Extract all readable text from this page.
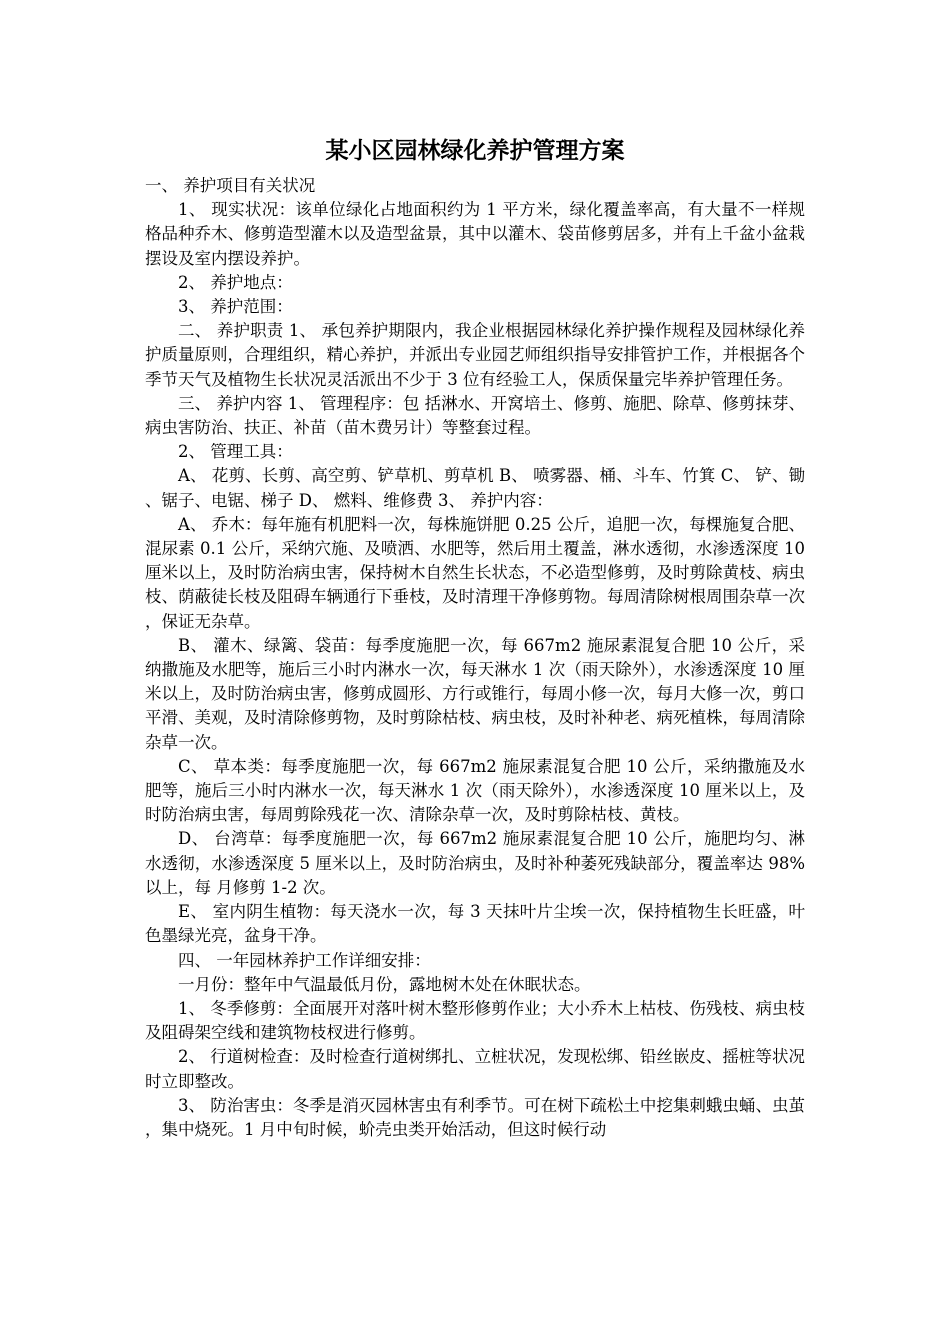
某小区园林绿化养护管理方案

一、 养护项目有关状况

1、 现实状况：该单位绿化占地面积约为 1 平方米，绿化覆盖率高，有大量不一样规格品种乔木、修剪造型灌木以及造型盆景，其中以灌木、袋苗修剪居多，并有上千盆小盆栽摆设及室内摆设养护。

2、 养护地点：

3、 养护范围：

二、 养护职责 1、 承包养护期限内，我企业根据园林绿化养护操作规程及园林绿化养护质量原则，合理组织，精心养护，并派出专业园艺师组织指导安排管护工作，并根据各个季节天气及植物生长状况灵活派出不少于 3 位有经验工人，保质保量完毕养护管理任务。

三、 养护内容 1、 管理程序：包 括淋水、开窝培土、修剪、施肥、除草、修剪抹芽、病虫害防治、扶正、补苗（苗木费另计）等整套过程。

2、 管理工具：

A、 花剪、长剪、高空剪、铲草机、剪草机 B、 喷雾器、桶、斗车、竹箕 C、 铲、锄、锯子、电锯、梯子 D、 燃料、维修费 3、 养护内容：

A、 乔木：每年施有机肥料一次，每株施饼肥 0.25 公斤，追肥一次，每棵施复合肥、混尿素 0.1 公斤，采纳穴施、及喷洒、水肥等，然后用土覆盖，淋水透彻，水渗透深度 10 厘米以上，及时防治病虫害，保持树木自然生长状态，不必造型修剪，及时剪除黄枝、病虫枝、荫蔽徒长枝及阻碍车辆通行下垂枝，及时清理干净修剪物。每周清除树根周围杂草一次，保证无杂草。

B、 灌木、绿篱、袋苗：每季度施肥一次，每 667m2 施尿素混复合肥 10 公斤，采纳撒施及水肥等，施后三小时内淋水一次，每天淋水 1 次（雨天除外），水渗透深度 10 厘米以上，及时防治病虫害，修剪成圆形、方行或锥行，每周小修一次，每月大修一次，剪口平滑、美观，及时清除修剪物，及时剪除枯枝、病虫枝，及时补种老、病死植株，每周清除杂草一次。

C、 草本类：每季度施肥一次，每 667m2 施尿素混复合肥 10 公斤，采纳撒施及水肥等，施后三小时内淋水一次，每天淋水 1 次（雨天除外），水渗透深度 10 厘米以上，及时防治病虫害，每周剪除残花一次、清除杂草一次，及时剪除枯枝、黄枝。

D、 台湾草：每季度施肥一次，每 667m2 施尿素混复合肥 10 公斤，施肥均匀、淋水透彻，水渗透深度 5 厘米以上，及时防治病虫，及时补种萎死残缺部分，覆盖率达 98%以上，每 月修剪 1-2 次。

E、 室内阴生植物：每天浇水一次，每 3 天抹叶片尘埃一次，保持植物生长旺盛，叶色墨绿光亮，盆身干净。

四、 一年园林养护工作详细安排：

一月份：整年中气温最低月份，露地树木处在休眠状态。

1、 冬季修剪：全面展开对落叶树木整形修剪作业；大小乔木上枯枝、伤残枝、病虫枝及阻碍架空线和建筑物枝杈进行修剪。

2、 行道树检查：及时检查行道树绑扎、立桩状况，发现松绑、铅丝嵌皮、摇桩等状况时立即整改。

3、 防治害虫：冬季是消灭园林害虫有利季节。可在树下疏松土中挖集刺蛾虫蛹、虫茧，集中烧死。1 月中旬时候，蚧壳虫类开始活动，但这时候行动
